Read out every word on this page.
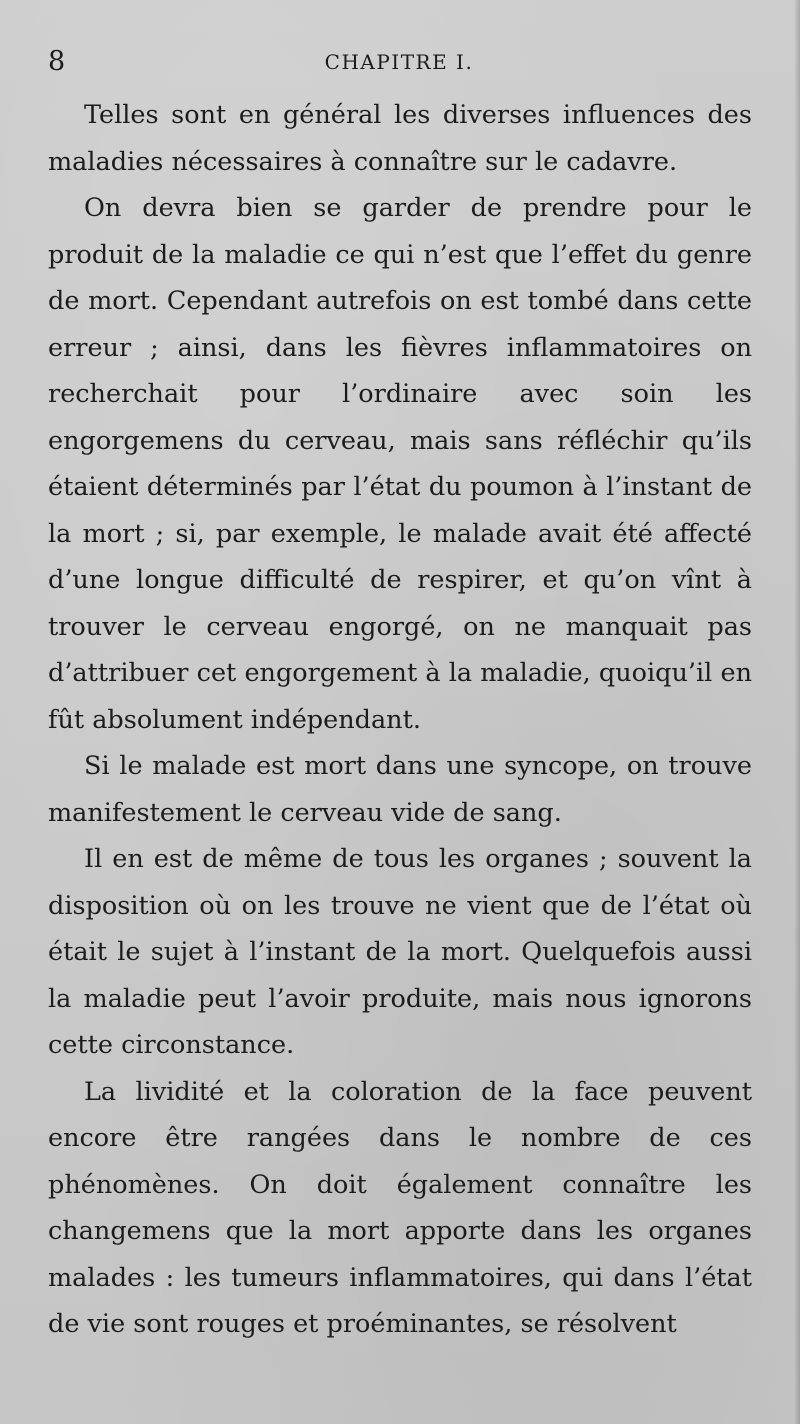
8	CHAPITRE I.

Telles sont en général les diverses influences des maladies nécessaires à connaître sur le cadavre.

On devra bien se garder de prendre pour le produit de la maladie ce qui n’est que l’effet du genre de mort. Cependant autrefois on est tombé dans cette erreur ; ainsi, dans les fièvres inflammatoires on recherchait pour l’ordinaire avec soin les engorgemens du cerveau, mais sans réfléchir qu’ils étaient déterminés par l’état du poumon à l’instant de la mort ; si, par exemple, le malade avait été affecté d’une longue difficulté de respirer, et qu’on vînt à trouver le cerveau engorgé, on ne manquait pas d’attribuer cet engorgement à la maladie, quoiqu’il en fût absolument indépendant.

Si le malade est mort dans une syncope, on trouve manifestement le cerveau vide de sang.

Il en est de même de tous les organes ; souvent la disposition où on les trouve ne vient que de l’état où était le sujet à l’instant de la mort. Quelquefois aussi la maladie peut l’avoir produite, mais nous ignorons cette circonstance.

La lividité et la coloration de la face peuvent encore être rangées dans le nombre de ces phénomènes. On doit également connaître les changemens que la mort apporte dans les organes malades : les tumeurs inflammatoires, qui dans l’état de vie sont rouges et proéminantes, se résolvent
